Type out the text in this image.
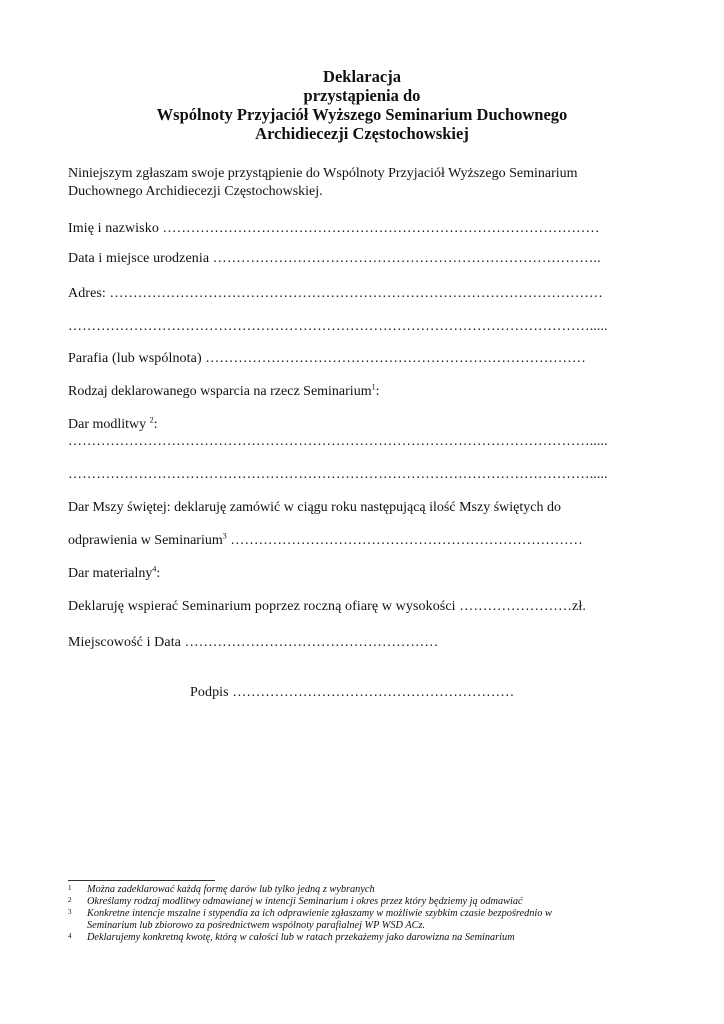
Deklaracja
przystąpienia do
Wspólnoty Przyjaciół Wyższego Seminarium Duchownego
Archidiecezji Częstochowskiej
Niniejszym zgłaszam swoje przystąpienie do Wspólnoty Przyjaciół Wyższego Seminarium
Duchownego Archidiecezji Częstochowskiej.
Imię i nazwisko …………………………………………………………………………………
Data i miejsce urodzenia ………………………………………………………………………..
Adres: ……………………………………………………………………………………………
………………………………………………………………………………………………….....
Parafia (lub wspólnota) ………………………………………………………………………
Rodzaj deklarowanego wsparcia na rzecz Seminarium$^1$:
Dar modlitwy $^2$:
………………………………………………………………………………………………….....
………………………………………………………………………………………………….....
Dar Mszy świętej: deklaruję zamówić w ciągu roku następującą ilość Mszy świętych do
odprawienia w Seminarium$^3$ …………………………………………………………………
Dar materialny$^4$:
Deklaruję wspierać Seminarium poprzez roczną ofiarę w wysokości ……………………zł.
Miejscowość i Data ………………………………………………
Podpis ……………………………………………………
1 Można zadeklarować każdą formę darów lub tylko jedną z wybranych
2 Określamy rodzaj modlitwy odmawianej w intencji Seminarium i okres przez który będziemy ją odmawiać
3 Konkretne intencje mszalne i stypendia za ich odprawienie zgłaszamy w możliwie szybkim czasie bezpośrednio w
Seminarium lub zbiorowo za pośrednictwem wspólnoty parafialnej WP WSD ACz.
4 Deklarujemy konkretną kwotę, którą w całości lub w ratach przekażemy jako darowizna na Seminarium
